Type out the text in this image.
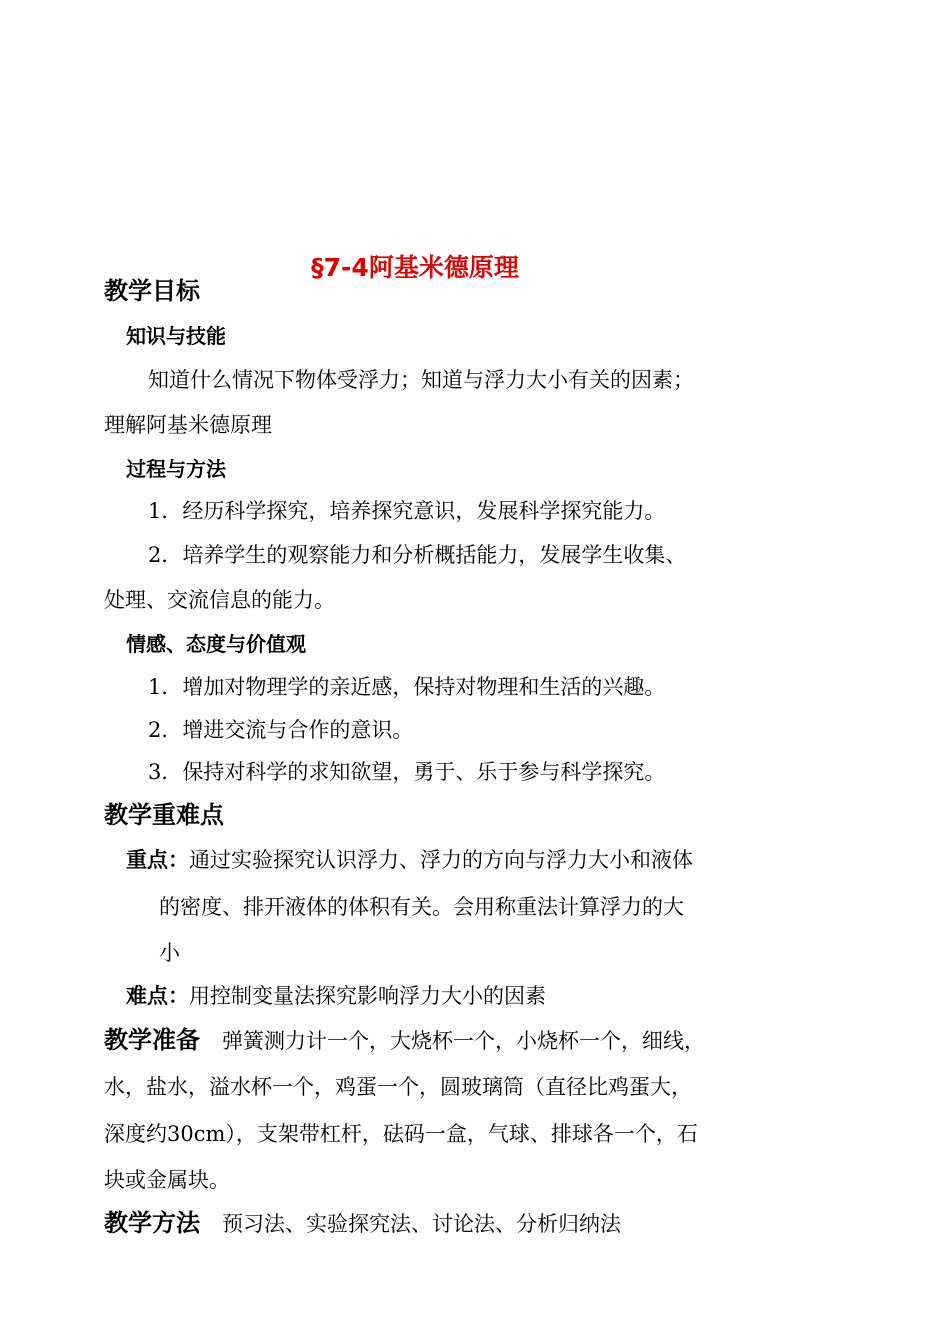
§7-4阿基米德原理
教学目标
知识与技能
知道什么情况下物体受浮力；知道与浮力大小有关的因素；
理解阿基米德原理
过程与方法
1．经历科学探究，培养探究意识，发展科学探究能力。
2．培养学生的观察能力和分析概括能力，发展学生收集、
处理、交流信息的能力。
情感、态度与价值观
1．增加对物理学的亲近感，保持对物理和生活的兴趣。
2．增进交流与合作的意识。
3．保持对科学的求知欲望，勇于、乐于参与科学探究。
教学重难点
重点：通过实验探究认识浮力、浮力的方向与浮力大小和液体
的密度、排开液体的体积有关。会用称重法计算浮力的大
小
难点：用控制变量法探究影响浮力大小的因素
教学准备 弹簧测力计一个，大烧杯一个，小烧杯一个，细线，
水，盐水，溢水杯一个，鸡蛋一个，圆玻璃筒（直径比鸡蛋大，
深度约30cm），支架带杠杆，砝码一盒，气球、排球各一个，石
块或金属块。
教学方法 预习法、实验探究法、讨论法、分析归纳法
